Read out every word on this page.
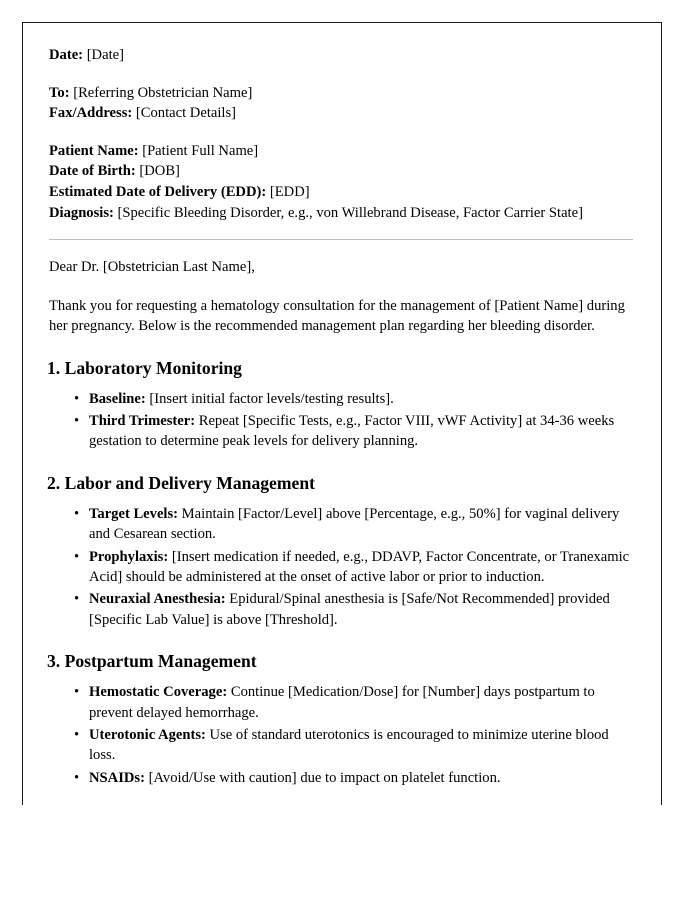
Date: [Date]
To: [Referring Obstetrician Name]
Fax/Address: [Contact Details]
Patient Name: [Patient Full Name]
Date of Birth: [DOB]
Estimated Date of Delivery (EDD): [EDD]
Diagnosis: [Specific Bleeding Disorder, e.g., von Willebrand Disease, Factor Carrier State]
Dear Dr. [Obstetrician Last Name],
Thank you for requesting a hematology consultation for the management of [Patient Name] during her pregnancy. Below is the recommended management plan regarding her bleeding disorder.
1. Laboratory Monitoring
• Baseline: [Insert initial factor levels/testing results].
• Third Trimester: Repeat [Specific Tests, e.g., Factor VIII, vWF Activity] at 34-36 weeks gestation to determine peak levels for delivery planning.
2. Labor and Delivery Management
• Target Levels: Maintain [Factor/Level] above [Percentage, e.g., 50%] for vaginal delivery and Cesarean section.
• Prophylaxis: [Insert medication if needed, e.g., DDAVP, Factor Concentrate, or Tranexamic Acid] should be administered at the onset of active labor or prior to induction.
• Neuraxial Anesthesia: Epidural/Spinal anesthesia is [Safe/Not Recommended] provided [Specific Lab Value] is above [Threshold].
3. Postpartum Management
• Hemostatic Coverage: Continue [Medication/Dose] for [Number] days postpartum to prevent delayed hemorrhage.
• Uterotonic Agents: Use of standard uterotonics is encouraged to minimize uterine blood loss.
• NSAIDs: [Avoid/Use with caution] due to impact on platelet function.
